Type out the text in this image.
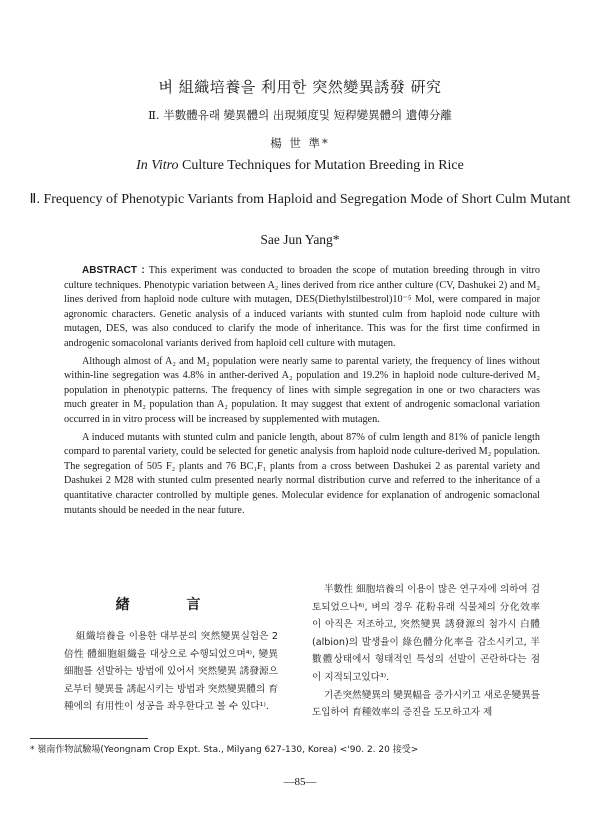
벼 組織培養을 利用한 突然變異誘發 硏究
Ⅱ. 半數體유래 變異體의 出現頻度및 短稈變異體의 遺傳分離
楊 世 準*
In Vitro Culture Techniques for Mutation Breeding in Rice
Ⅱ. Frequency of Phenotypic Variants from Haploid and Segregation Mode of Short Culm Mutant
Sae Jun Yang*

ABSTRACT : This experiment was conducted to broaden the scope of mutation breeding through in vitro culture techniques. Phenotypic variation between A₂ lines derived from rice anther culture (CV, Dashukei 2) and M₂ lines derived from haploid node culture with mutagen, DES(Diethylstilbestrol)10⁻⁵ Mol, were compared in major agronomic characters. Genetic analysis of a induced variants with stunted culm from haploid node culture with mutagen, DES, was also conduced to clarify the mode of inheritance. This was for the first time confirmed in androgenic somacolonal variants derived from haploid cell culture with mutagen.

Although almost of A₂ and M₂ population were nearly same to parental variety, the frequency of lines without within-line segregation was 4.8% in anther-derived A₂ population and 19.2% in haploid node culture-derived M₂ population in phenotypic patterns. The frequency of lines with simple segregation in one or two characters was much greater in M₂ population than A₂ population. It may suggest that extent of androgenic somaclonal variation occurred in in vitro process will be increased by supplemented with mutagen.

A induced mutants with stunted culm and panicle length, about 87% of culm length and 81% of panicle length compard to parental variety, could be selected for genetic analysis from haploid node culture-derived M₂ population. The segregation of 505 F₂ plants and 76 BC₁F₁ plants from a cross between Dashukei 2 as parental variety and Dashukei 2 M28 with stunted culm presented nearly normal distribution curve and referred to the inheritance of a quantitative character controlled by multiple genes. Molecular evidence for explanation of androgenic somaclonal mutants should be needed in the near future.

緖 言

組織培養을 이용한 대부분의 突然變異실험은 2倍性 體細胞組織을 대상으로 수행되었으며⁴⁾, 變異細胞를 선발하는 방법에 있어서 突然變異 誘發源으로부터 變異를 誘起시키는 방법과 突然變異體의 育種에의 有用性이 성공을 좌우한다고 볼 수 있다¹⁾.

半數性 細胞培養의 이용이 많은 연구자에 의하여 검토되었으나⁶⁾, 벼의 경우 花粉유래 식물체의 分化效率이 아직은 저조하고, 突然變異 誘發源의 첨가시 白體(albion)의 발생율이 綠色體分化率을 감소시키고, 半數體상태에서 형태적인 특성의 선발이 곤란하다는 점이 지적되고있다³⁾.

기존突然變異의 變異幅을 증가시키고 새로운變異를 도입하여 育種效率의 증진을 도모하고자 제

* 嶺南作物試驗場(Yeongnam Crop Expt. Sta., Milyang 627-130, Korea) <'90. 2. 20 接受>
—85—
